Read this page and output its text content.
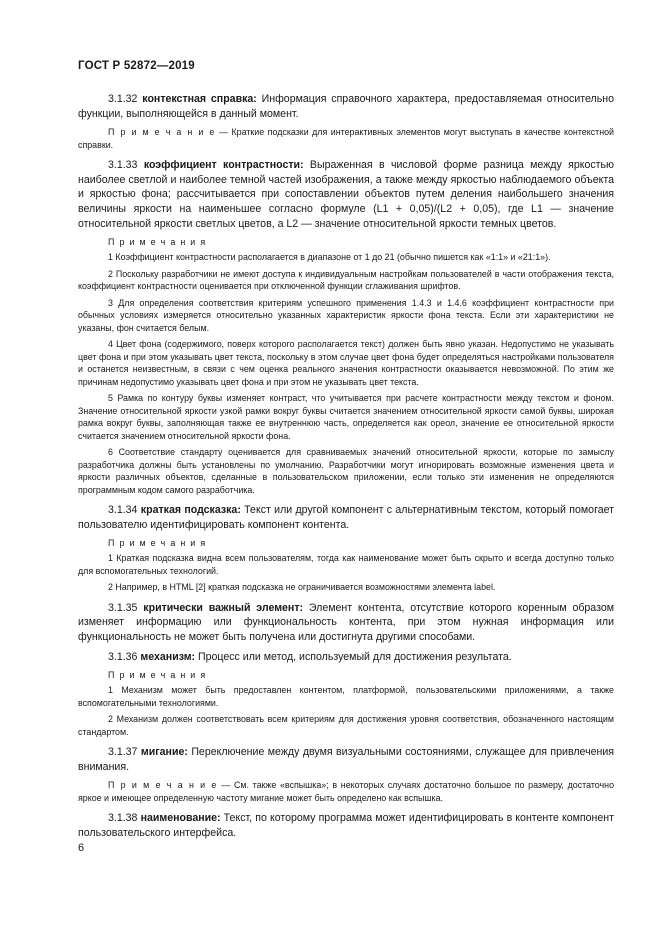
ГОСТ Р 52872—2019

3.1.32 контекстная справка: Информация справочного характера, предоставляемая относительно функции, выполняющейся в данный момент.

П р и м е ч а н и е — Краткие подсказки для интерактивных элементов могут выступать в качестве контекстной справки.

3.1.33 коэффициент контрастности: Выраженная в числовой форме разница между яркостью наиболее светлой и наиболее темной частей изображения, а также между яркостью наблюдаемого объекта и яркостью фона; рассчитывается при сопоставлении объектов путем деления наибольшего значения величины яркости на наименьшее согласно формуле (L1 + 0,05)/(L2 + 0,05), где L1 — значение относительной яркости светлых цветов, а L2 — значение относительной яркости темных цветов.

П р и м е ч а н и я

1 Коэффициент контрастности располагается в диапазоне от 1 до 21 (обычно пишется как «1:1» и «21:1»).

2 Поскольку разработчики не имеют доступа к индивидуальным настройкам пользователей в части отображения текста, коэффициент контрастности оценивается при отключенной функции сглаживания шрифтов.

3 Для определения соответствия критериям успешного применения 1.4.3 и 1.4.6 коэффициент контрастности при обычных условиях измеряется относительно указанных характеристик яркости фона текста. Если эти характеристики не указаны, фон считается белым.

4 Цвет фона (содержимого, поверх которого располагается текст) должен быть явно указан. Недопустимо не указывать цвет фона и при этом указывать цвет текста, поскольку в этом случае цвет фона будет определяться настройками пользователя и останется неизвестным, в связи с чем оценка реального значения контрастности оказывается невозможной. По этим же причинам недопустимо указывать цвет фона и при этом не указывать цвет текста.

5 Рамка по контуру буквы изменяет контраст, что учитывается при расчете контрастности между текстом и фоном. Значение относительной яркости узкой рамки вокруг буквы считается значением относительной яркости самой буквы, широкая рамка вокруг буквы, заполняющая также ее внутреннюю часть, определяется как ореол, значение ее относительной яркости считается значением относительной яркости фона.

6 Соответствие стандарту оценивается для сравниваемых значений относительной яркости, которые по замыслу разработчика должны быть установлены по умолчанию. Разработчики могут игнорировать возможные изменения цвета и яркости различных объектов, сделанные в пользовательском приложении, если только эти изменения не определяются программным кодом самого разработчика.

3.1.34 краткая подсказка: Текст или другой компонент с альтернативным текстом, который помогает пользователю идентифицировать компонент контента.

П р и м е ч а н и я

1 Краткая подсказка видна всем пользователям, тогда как наименование может быть скрыто и всегда доступно только для вспомогательных технологий.

2 Например, в HTML [2] краткая подсказка не ограничивается возможностями элемента label.

3.1.35 критически важный элемент: Элемент контента, отсутствие которого коренным образом изменяет информацию или функциональность контента, при этом нужная информация или функциональность не может быть получена или достигнута другими способами.

3.1.36 механизм: Процесс или метод, используемый для достижения результата.

П р и м е ч а н и я

1 Механизм может быть предоставлен контентом, платформой, пользовательскими приложениями, а также вспомогательными технологиями.

2 Механизм должен соответствовать всем критериям для достижения уровня соответствия, обозначенного настоящим стандартом.

3.1.37 мигание: Переключение между двумя визуальными состояниями, служащее для привлечения внимания.

П р и м е ч а н и е — См. также «вспышка»; в некоторых случаях достаточно большое по размеру, достаточно яркое и имеющее определенную частоту мигание может быть определено как вспышка.

3.1.38 наименование: Текст, по которому программа может идентифицировать в контенте компонент пользовательского интерфейса.

6
